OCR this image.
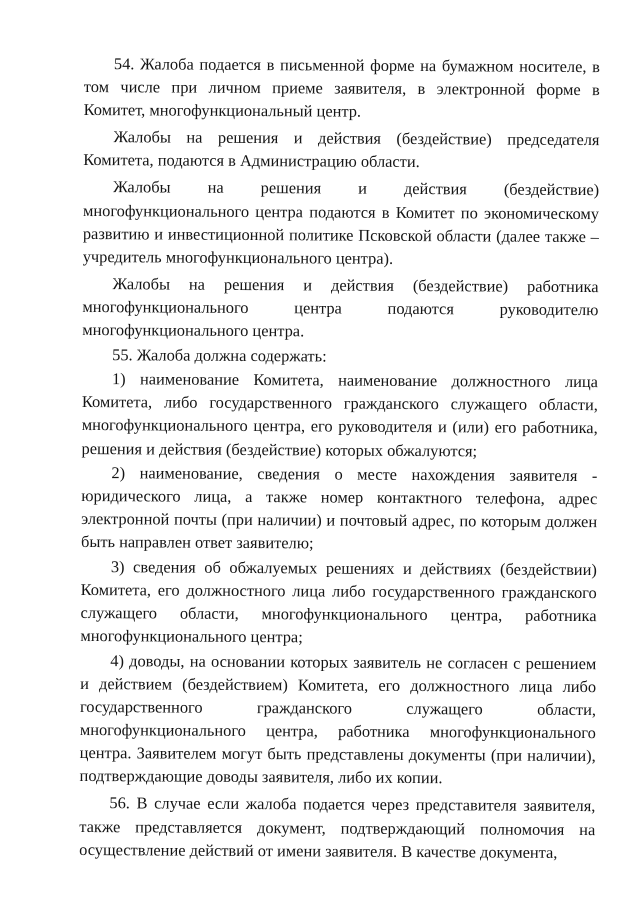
54. Жалоба подается в письменной форме на бумажном носителе, в том числе при личном приеме заявителя, в электронной форме в Комитет, многофункциональный центр.

Жалобы на решения и действия (бездействие) председателя Комитета, подаются в Администрацию области.

Жалобы на решения и действия (бездействие) многофункционального центра подаются в Комитет по экономическому развитию и инвестиционной политике Псковской области (далее также – учредитель многофункционального центра).

Жалобы на решения и действия (бездействие) работника многофункционального центра подаются руководителю многофункционального центра.

55. Жалоба должна содержать:

1) наименование Комитета, наименование должностного лица Комитета, либо государственного гражданского служащего области, многофункционального центра, его руководителя и (или) его работника, решения и действия (бездействие) которых обжалуются;

2) наименование, сведения о месте нахождения заявителя - юридического лица, а также номер контактного телефона, адрес электронной почты (при наличии) и почтовый адрес, по которым должен быть направлен ответ заявителю;

3) сведения об обжалуемых решениях и действиях (бездействии) Комитета, его должностного лица либо государственного гражданского служащего области, многофункционального центра, работника многофункционального центра;

4) доводы, на основании которых заявитель не согласен с решением и действием (бездействием) Комитета, его должностного лица либо государственного гражданского служащего области, многофункционального центра, работника многофункционального центра. Заявителем могут быть представлены документы (при наличии), подтверждающие доводы заявителя, либо их копии.

56. В случае если жалоба подается через представителя заявителя, также представляется документ, подтверждающий полномочия на осуществление действий от имени заявителя. В качестве документа,
